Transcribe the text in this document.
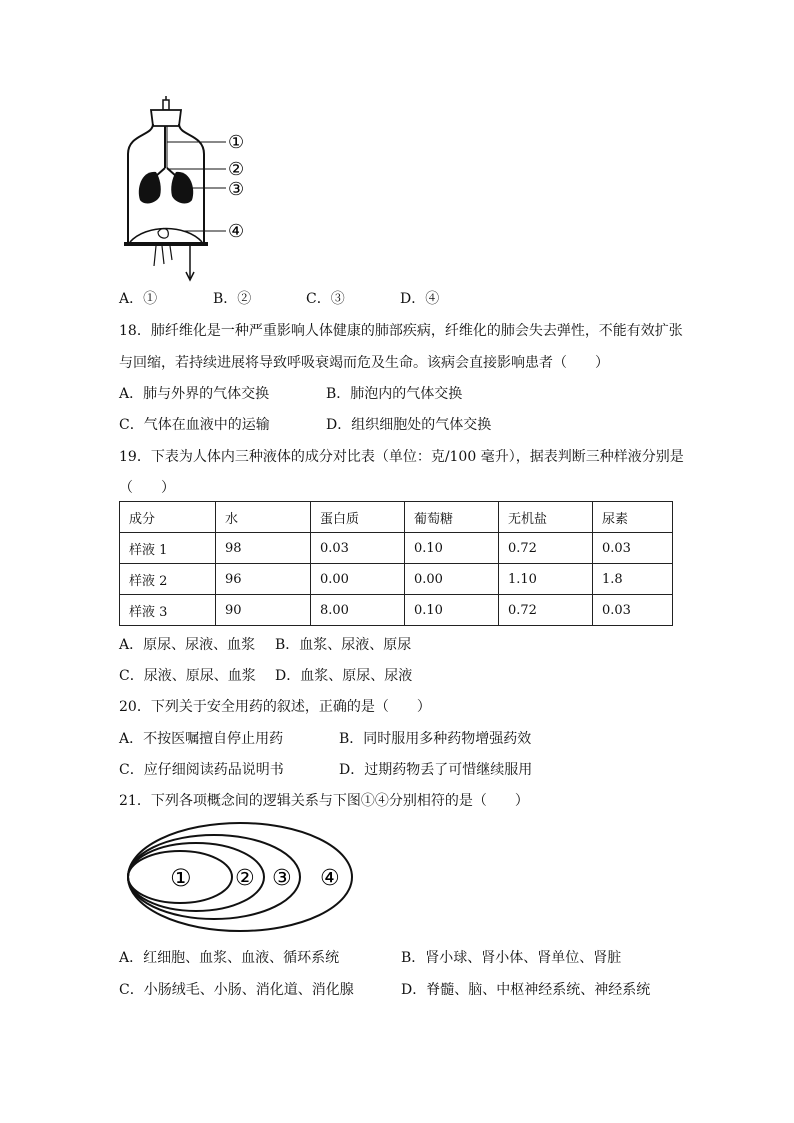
①
②
③
④
A．①	B．②	C．③	D．④
18．肺纤维化是一种严重影响人体健康的肺部疾病，纤维化的肺会失去弹性，不能有效扩张
与回缩，若持续进展将导致呼吸衰竭而危及生命。该病会直接影响患者（　　）
A．肺与外界的气体交换	B．肺泡内的气体交换
C．气体在血液中的运输	D．组织细胞处的气体交换
19．下表为人体内三种液体的成分对比表（单位：克/100 毫升），据表判断三种样液分别是
（　　）
成分	水	蛋白质	葡萄糖	无机盐	尿素
样液 1	98	0.03	0.10	0.72	0.03
样液 2	96	0.00	0.00	1.10	1.8
样液 3	90	8.00	0.10	0.72	0.03
A．原尿、尿液、血浆 B．血浆、尿液、原尿
C．尿液、原尿、血浆 D．血浆、原尿、尿液
20．下列关于安全用药的叙述，正确的是（　　）
A．不按医嘱擅自停止用药	B．同时服用多种药物增强药效
C．应仔细阅读药品说明书	D．过期药物丢了可惜继续服用
21．下列各项概念间的逻辑关系与下图①④分别相符的是（　　）
① ② ③ ④
A．红细胞、血浆、血液、循环系统	B．肾小球、肾小体、肾单位、肾脏
C．小肠绒毛、小肠、消化道、消化腺	D．脊髓、脑、中枢神经系统、神经系统
